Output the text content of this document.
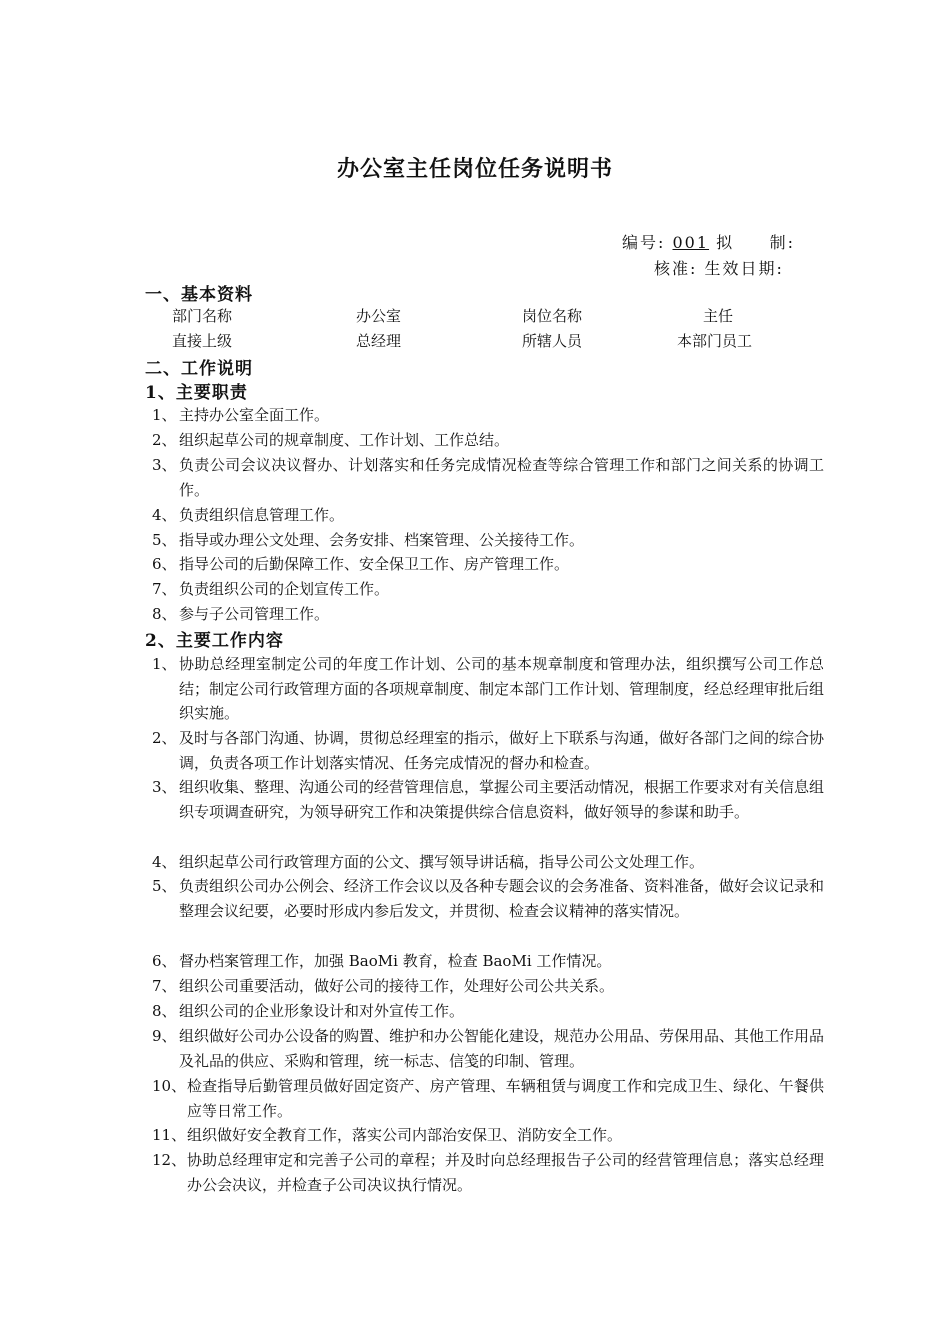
办公室主任岗位任务说明书
编号: 001 拟 制:
核准: 生效日期:
一、基本资料
部门名称	办公室	岗位名称	主任
直接上级	总经理	所辖人员	本部门员工
二、工作说明
1、主要职责
1、 主持办公室全面工作。
2、 组织起草公司的规章制度、工作计划、工作总结。
3、 负责公司会议决议督办、计划落实和任务完成情况检查等综合管理工作和部门之间关系的协调工作。
4、 负责组织信息管理工作。
5、 指导或办理公文处理、会务安排、档案管理、公关接待工作。
6、 指导公司的后勤保障工作、安全保卫工作、房产管理工作。
7、 负责组织公司的企划宣传工作。
8、 参与子公司管理工作。
2、主要工作内容
1、 协助总经理室制定公司的年度工作计划、公司的基本规章制度和管理办法，组织撰写公司工作总结；制定公司行政管理方面的各项规章制度、制定本部门工作计划、管理制度，经总经理审批后组织实施。
2、 及时与各部门沟通、协调，贯彻总经理室的指示，做好上下联系与沟通，做好各部门之间的综合协调，负责各项工作计划落实情况、任务完成情况的督办和检查。
3、 组织收集、整理、沟通公司的经营管理信息，掌握公司主要活动情况，根据工作要求对有关信息组织专项调查研究，为领导研究工作和决策提供综合信息资料，做好领导的参谋和助手。
4、 组织起草公司行政管理方面的公文、撰写领导讲话稿，指导公司公文处理工作。
5、 负责组织公司办公例会、经济工作会议以及各种专题会议的会务准备、资料准备，做好会议记录和整理会议纪要，必要时形成内参后发文，并贯彻、检查会议精神的落实情况。
6、 督办档案管理工作，加强 BaoMi 教育，检查 BaoMi 工作情况。
7、 组织公司重要活动，做好公司的接待工作，处理好公司公共关系。
8、 组织公司的企业形象设计和对外宣传工作。
9、 组织做好公司办公设备的购置、维护和办公智能化建设，规范办公用品、劳保用品、其他工作用品及礼品的供应、采购和管理，统一标志、信笺的印制、管理。
10、 检查指导后勤管理员做好固定资产、房产管理、车辆租赁与调度工作和完成卫生、绿化、午餐供应等日常工作。
11、 组织做好安全教育工作，落实公司内部治安保卫、消防安全工作。
12、 协助总经理审定和完善子公司的章程；并及时向总经理报告子公司的经营管理信息；落实总经理办公会决议，并检查子公司决议执行情况。
